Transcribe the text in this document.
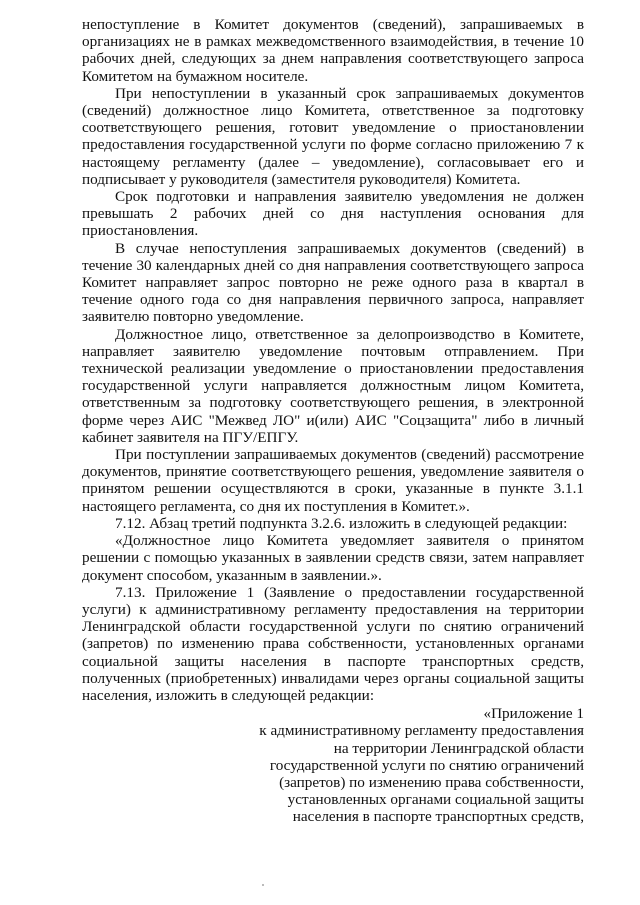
непоступление в Комитет документов (сведений), запрашиваемых в организациях не в рамках межведомственного взаимодействия, в течение 10 рабочих дней, следующих за днем направления соответствующего запроса Комитетом на бумажном носителе.

При непоступлении в указанный срок запрашиваемых документов (сведений) должностное лицо Комитета, ответственное за подготовку соответствующего решения, готовит уведомление о приостановлении предоставления государственной услуги по форме согласно приложению 7 к настоящему регламенту (далее – уведомление), согласовывает его и подписывает у руководителя (заместителя руководителя) Комитета.

Срок подготовки и направления заявителю уведомления не должен превышать 2 рабочих дней со дня наступления основания для приостановления.

В случае непоступления запрашиваемых документов (сведений) в течение 30 календарных дней со дня направления соответствующего запроса Комитет направляет запрос повторно не реже одного раза в квартал в течение одного года со дня направления первичного запроса, направляет заявителю повторно уведомление.

Должностное лицо, ответственное за делопроизводство в Комитете, направляет заявителю уведомление почтовым отправлением. При технической реализации уведомление о приостановлении предоставления государственной услуги направляется должностным лицом Комитета, ответственным за подготовку соответствующего решения, в электронной форме через АИС "Межвед ЛО" и(или) АИС "Соцзащита" либо в личный кабинет заявителя на ПГУ/ЕПГУ.

При поступлении запрашиваемых документов (сведений) рассмотрение документов, принятие соответствующего решения, уведомление заявителя о принятом решении осуществляются в сроки, указанные в пункте 3.1.1 настоящего регламента, со дня их поступления в Комитет.».

7.12. Абзац третий подпункта 3.2.6. изложить в следующей редакции:

«Должностное лицо Комитета уведомляет заявителя о принятом решении с помощью указанных в заявлении средств связи, затем направляет документ способом, указанным в заявлении.».

7.13. Приложение 1 (Заявление о предоставлении государственной услуги) к административному регламенту предоставления на территории Ленинградской области государственной услуги по снятию ограничений (запретов) по изменению права собственности, установленных органами социальной защиты населения в паспорте транспортных средств, полученных (приобретенных) инвалидами через органы социальной защиты населения, изложить в следующей редакции:

«Приложение 1
к административному регламенту предоставления
на территории Ленинградской области
государственной услуги по снятию ограничений
(запретов) по изменению права собственности,
установленных органами социальной защиты
населения в паспорте транспортных средств,
